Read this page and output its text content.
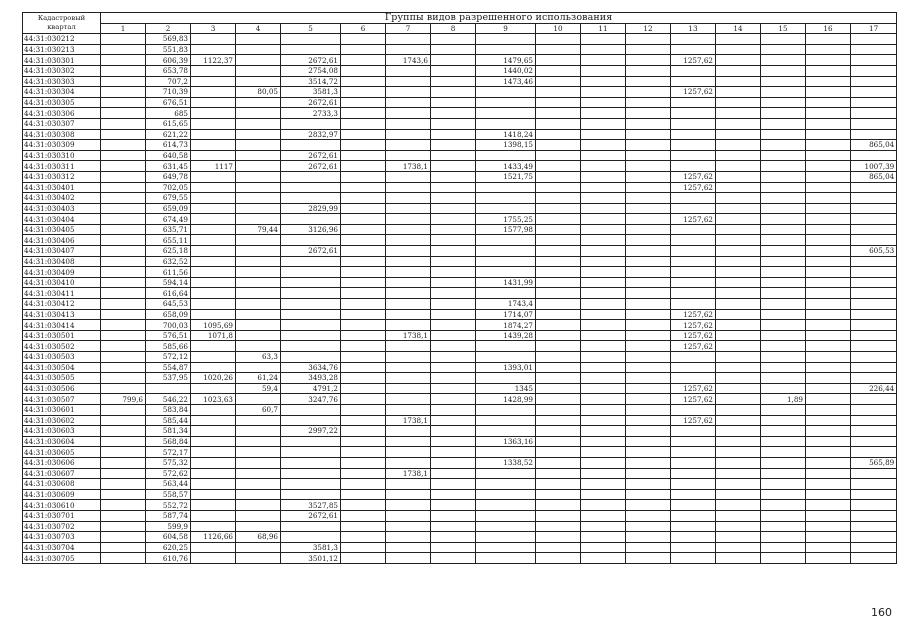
Кадастровый
квартал	Группы видов разрешенного использования																
	1	2	3	4	5	6	7	8	9	10	11	12	13	14	15	16	17
44:31:030212		569,83															
44:31:030213		551,83															
44:31:030301		606,39	1122,37		2672,61		1743,6		1479,65				1257,62				
44:31:030302		653,78			2754,08				1440,02								
44:31:030303		707,2			3514,72				1473,46								
44:31:030304		710,39		80,05	3581,3								1257,62				
44:31:030305		676,51			2672,61												
44:31:030306		685			2733,3												
44:31:030307		615,65															
44:31:030308		621,22			2832,97				1418,24								
44:31:030309		614,73							1398,15								865,04
44:31:030310		640,58			2672,61												
44:31:030311		631,45	1117		2672,61		1738,1		1433,49								1007,39
44:31:030312		649,78							1521,75				1257,62				865,04
44:31:030401		702,05											1257,62				
44:31:030402		679,55															
44:31:030403		659,09			2829,99												
44:31:030404		674,49							1755,25				1257,62				
44:31:030405		635,71		79,44	3126,96				1577,98								
44:31:030406		655,11															
44:31:030407		625,18			2672,61												605,53
44:31:030408		632,52															
44:31:030409		611,56															
44:31:030410		594,14							1431,99								
44:31:030411		616,64															
44:31:030412		645,53							1743,4								
44:31:030413		658,09							1714,07				1257,62				
44:31:030414		700,03	1095,69						1874,27				1257,62				
44:31:030501		576,51	1071,8				1738,1		1439,28				1257,62				
44:31:030502		585,66											1257,62				
44:31:030503		572,12		63,3													
44:31:030504		554,87			3634,76				1393,01								
44:31:030505		537,95	1020,26	61,24	3493,28												
44:31:030506				59,4	4791,2				1345				1257,62				226,44
44:31:030507	799,6	546,22	1023,63		3247,76				1428,99				1257,62		1,89		
44:31:030601		583,84		60,7													
44:31:030602		585,44					1738,1						1257,62				
44:31:030603		581,34			2997,22												
44:31:030604		568,84							1363,16								
44:31:030605		572,17															
44:31:030606		575,32							1338,52								565,89
44:31:030607		572,62					1738,1										
44:31:030608		563,44															
44:31:030609		558,57															
44:31:030610		552,72			3527,85												
44:31:030701		587,74			2672,61												
44:31:030702		599,9															
44:31:030703		604,58	1126,66	68,96													
44:31:030704		620,25			3581,3												
44:31:030705		610,76			3501,12												
160
